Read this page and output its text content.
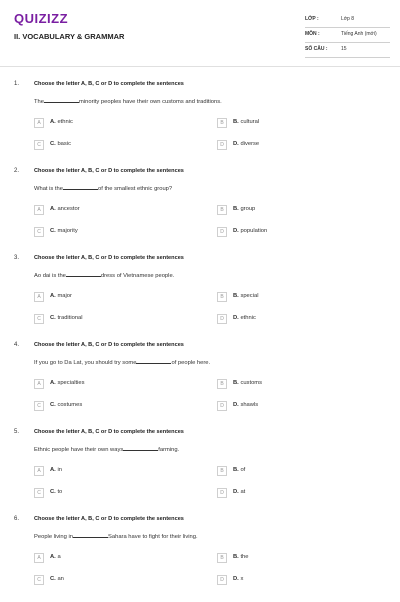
QUIZIZZ
II. VOCABULARY & GRAMMAR
LỚP :	Lớp 8
MÔN :	Tiếng Anh (mới)
SỐ CÂU :	15
1.	Choose the letter A, B, C or D to complete the sentences
The	minority peoples have their own customs and traditions.
A	A. ethnic	B	B. cultural
C	C. basic	D	D. diverse
2.	Choose the letter A, B, C or D to complete the sentences
What is the	of the smallest ethnic group?
A	A. ancestor	B	B. group
C	C. majority	D	D. population
3.	Choose the letter A, B, C or D to complete the sentences
Ao dai is the	dress of Vietnamese people.
A	A. major	B	B. special
C	C. traditional	D	D. ethnic
4.	Choose the letter A, B, C or D to complete the sentences
If you go to Da Lat, you should try some	of people here.
A	A. specialties	B	B. customs
C	C. costumes	D	D. shawls
5.	Choose the letter A, B, C or D to complete the sentences
Ethnic people have their own ways	farming.
A	A. in	B	B. of
C	C. to	D	D. at
6.	Choose the letter A, B, C or D to complete the sentences
People living in	Sahara have to fight for their living.
A	A. a	B	B. the
C	C. an	D	D. x
